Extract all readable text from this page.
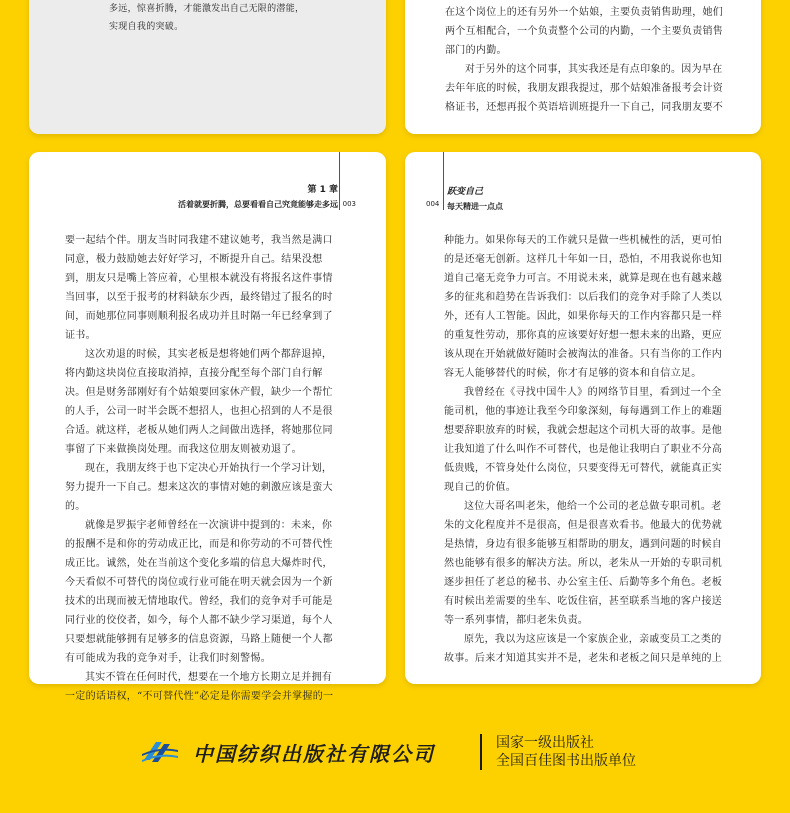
多远，惊喜折腾，才能激发出自己无限的潜能，

实现自我的突破。

在这个岗位上的还有另外一个姑娘，主要负责销售助理，她们两个互相配合，一个负责整个公司的内勤，一个主要负责销售部门的内勤。

对于另外的这个同事，其实我还是有点印象的。因为早在去年年底的时候，我朋友跟我提过，那个姑娘准备报考会计资格证书，还想再报个英语培训班提升一下自己，同我朋友要不

第 1 章
活着就要折腾，总要看看自己究竟能够走多远 003

要一起结个伴。朋友当时同我建不建议她考，我当然是满口同意，极力鼓励她去好好学习，不断提升自己。结果没想到，朋友只是嘴上答应着，心里根本就没有将报名这件事情当回事，以至于报考的材料缺东少西，最终错过了报名的时间，而她那位同事则顺利报名成功并且时隔一年已经拿到了证书。

这次劝退的时候，其实老板是想将她们两个都辞退掉，将内勤这块岗位直接取消掉，直接分配至每个部门自行解决。但是财务部刚好有个姑娘要回家休产假，缺少一个帮忙的人手，公司一时半会既不想招人，也担心招到的人不是很合适。就这样，老板从她们两人之间做出选择，将她那位同事留了下来做换岗处理。而我这位朋友则被劝退了。

现在，我朋友终于也下定决心开始执行一个学习计划，努力提升一下自己。想来这次的事情对她的刺激应该是蛮大的。

就像是罗振宇老师曾经在一次演讲中提到的：未来，你的报酬不是和你的劳动成正比，而是和你劳动的不可替代性成正比。诚然，处在当前这个变化多端的信息大爆炸时代，今天看似不可替代的岗位或行业可能在明天就会因为一个新技术的出现而被无情地取代。曾经，我们的竞争对手可能是同行业的佼佼者，如今，每个人都不缺少学习渠道，每个人只要想就能够拥有足够多的信息资源，马路上随便一个人都有可能成为我的竞争对手，让我们时刻警惕。

其实不管在任何时代，想要在一个地方长期立足并拥有一定的话语权，“不可替代性”必定是你需要学会并掌握的一

004
跃变自己
每天精进一点点

种能力。如果你每天的工作就只是做一些机械性的活，更可怕的是还毫无创新。这样几十年如一日，恐怕，不用我说你也知道自己毫无竞争力可言。不用说未来，就算是现在也有越来越多的征兆和趋势在告诉我们：以后我们的竞争对手除了人类以外，还有人工智能。因此，如果你每天的工作内容都只是一样的重复性劳动，那你真的应该要好好想一想未来的出路，更应该从现在开始就做好随时会被淘汰的准备。只有当你的工作内容无人能够替代的时候，你才有足够的资本和自信立足。

我曾经在《寻找中国牛人》的网络节目里，看到过一个全能司机，他的事迹让我至今印象深刻，每每遇到工作上的难题想要辞职放弃的时候，我就会想起这个司机大哥的故事。是他让我知道了什么叫作不可替代，也是他让我明白了职业不分高低贵贱，不管身处什么岗位，只要变得无可替代，就能真正实现自己的价值。

这位大哥名叫老朱，他给一个公司的老总做专职司机。老朱的文化程度并不是很高，但是很喜欢看书。他最大的优势就是热情，身边有很多能够互相帮助的朋友，遇到问题的时候自然也能够有很多的解决方法。所以，老朱从一开始的专职司机逐步担任了老总的秘书、办公室主任、后勤等多个角色。老板有时候出差需要的坐车、吃饭住宿，甚至联系当地的客户接送等一系列事情，都归老朱负责。

原先，我以为这应该是一个家族企业，亲戚变员工之类的故事。后来才知道其实并不是，老朱和老板之间只是单纯的上

中国纺织出版社有限公司	国家一级出版社
全国百佳图书出版单位
